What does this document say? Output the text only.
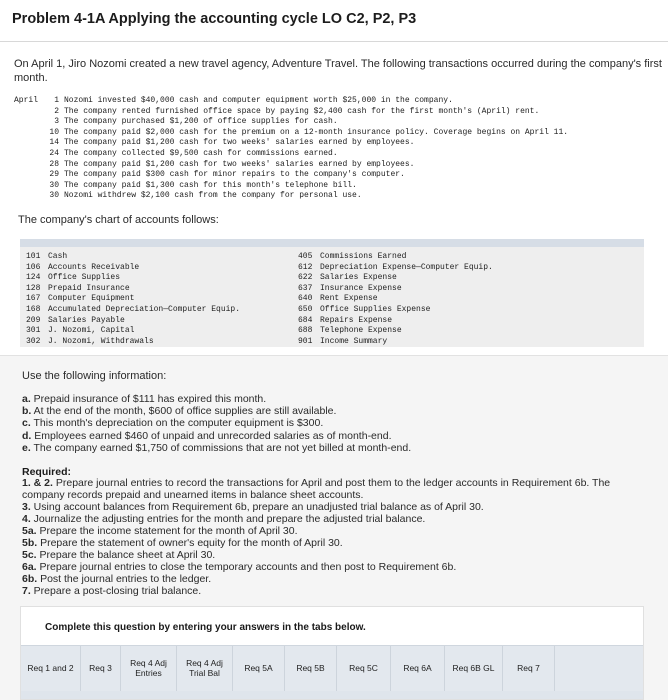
Problem 4-1A Applying the accounting cycle LO C2, P2, P3
On April 1, Jiro Nozomi created a new travel agency, Adventure Travel. The following transactions occurred during the company's first month.
April	1 Nozomi invested $40,000 cash and computer equipment worth $25,000 in the company.
2 The company rented furnished office space by paying $2,400 cash for the first month's (April) rent.
3 The company purchased $1,200 of office supplies for cash.
10 The company paid $2,000 cash for the premium on a 12-month insurance policy. Coverage begins on April 11.
14 The company paid $1,200 cash for two weeks' salaries earned by employees.
24 The company collected $9,500 cash for commissions earned.
28 The company paid $1,200 cash for two weeks' salaries earned by employees.
29 The company paid $300 cash for minor repairs to the company's computer.
30 The company paid $1,300 cash for this month's telephone bill.
30 Nozomi withdrew $2,100 cash from the company for personal use.
The company's chart of accounts follows:
101 Cash
106 Accounts Receivable
124 Office Supplies
128 Prepaid Insurance
167 Computer Equipment
168 Accumulated Depreciation—Computer Equip.
209 Salaries Payable
301 J. Nozomi, Capital
302 J. Nozomi, Withdrawals
405 Commissions Earned
612 Depreciation Expense—Computer Equip.
622 Salaries Expense
637 Insurance Expense
640 Rent Expense
650 Office Supplies Expense
684 Repairs Expense
688 Telephone Expense
901 Income Summary
Use the following information:
a. Prepaid insurance of $111 has expired this month.
b. At the end of the month, $600 of office supplies are still available.
c. This month's depreciation on the computer equipment is $300.
d. Employees earned $460 of unpaid and unrecorded salaries as of month-end.
e. The company earned $1,750 of commissions that are not yet billed at month-end.
Required:
1. & 2. Prepare journal entries to record the transactions for April and post them to the ledger accounts in Requirement 6b. The company records prepaid and unearned items in balance sheet accounts.
3. Using account balances from Requirement 6b, prepare an unadjusted trial balance as of April 30.
4. Journalize the adjusting entries for the month and prepare the adjusted trial balance.
5a. Prepare the income statement for the month of April 30.
5b. Prepare the statement of owner's equity for the month of April 30.
5c. Prepare the balance sheet at April 30.
6a. Prepare journal entries to close the temporary accounts and then post to Requirement 6b.
6b. Post the journal entries to the ledger.
7. Prepare a post-closing trial balance.
Complete this question by entering your answers in the tabs below.
Req 1 and 2 Req 3 Req 4 Adj
Entries
Req 4 Adj
Trial Bal	Req 5A	Req 5B	Req 5C	Req 6A Req 6B GL	Req 7
